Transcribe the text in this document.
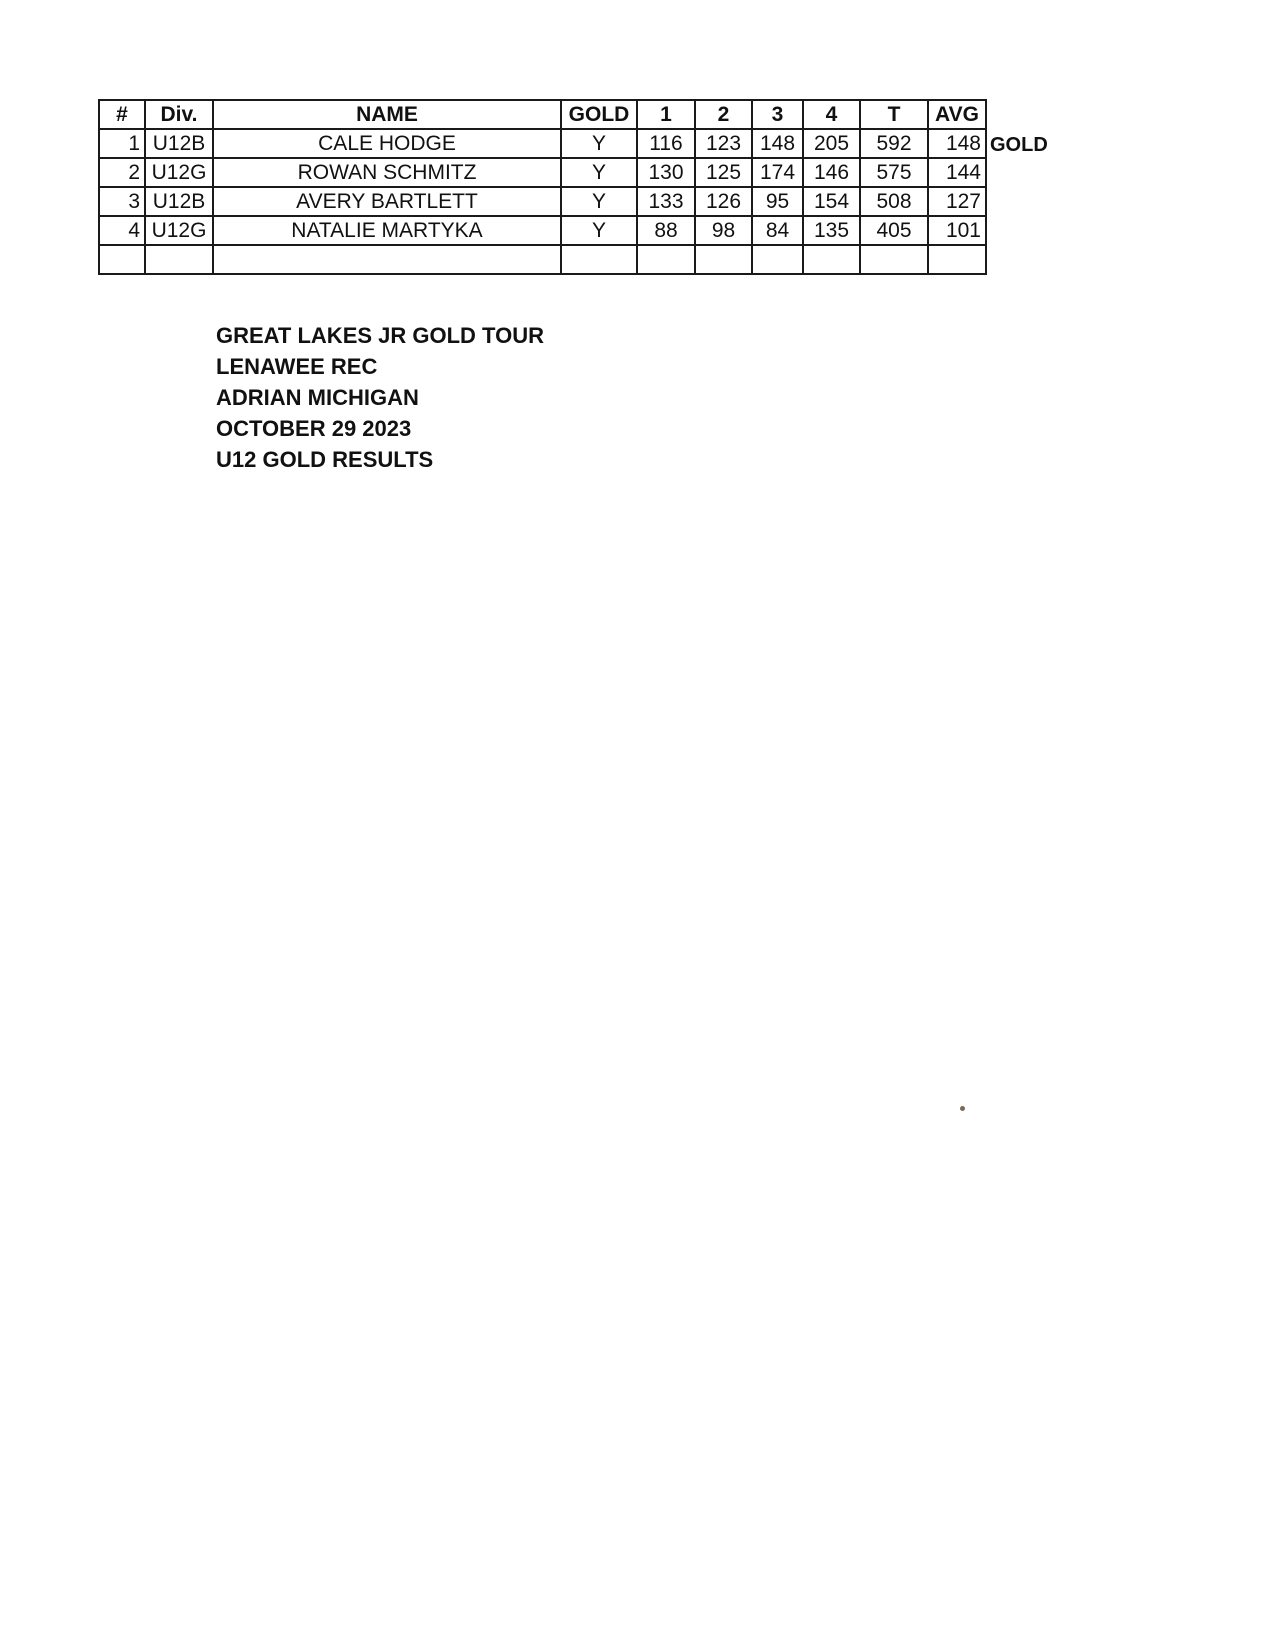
#	Div.	NAME	GOLD	1	2	3	4	T	AVG
1	U12B	CALE HODGE	Y	116	123	148	205	592	148
2	U12G	ROWAN SCHMITZ	Y	130	125	174	146	575	144
3	U12B	AVERY BARTLETT	Y	133	126	95	154	508	127
4	U12G	NATALIE MARTYKA	Y	88	98	84	135	405	101

GOLD
GREAT LAKES JR GOLD TOUR
LENAWEE REC
ADRIAN MICHIGAN
OCTOBER 29 2023
U12 GOLD RESULTS
